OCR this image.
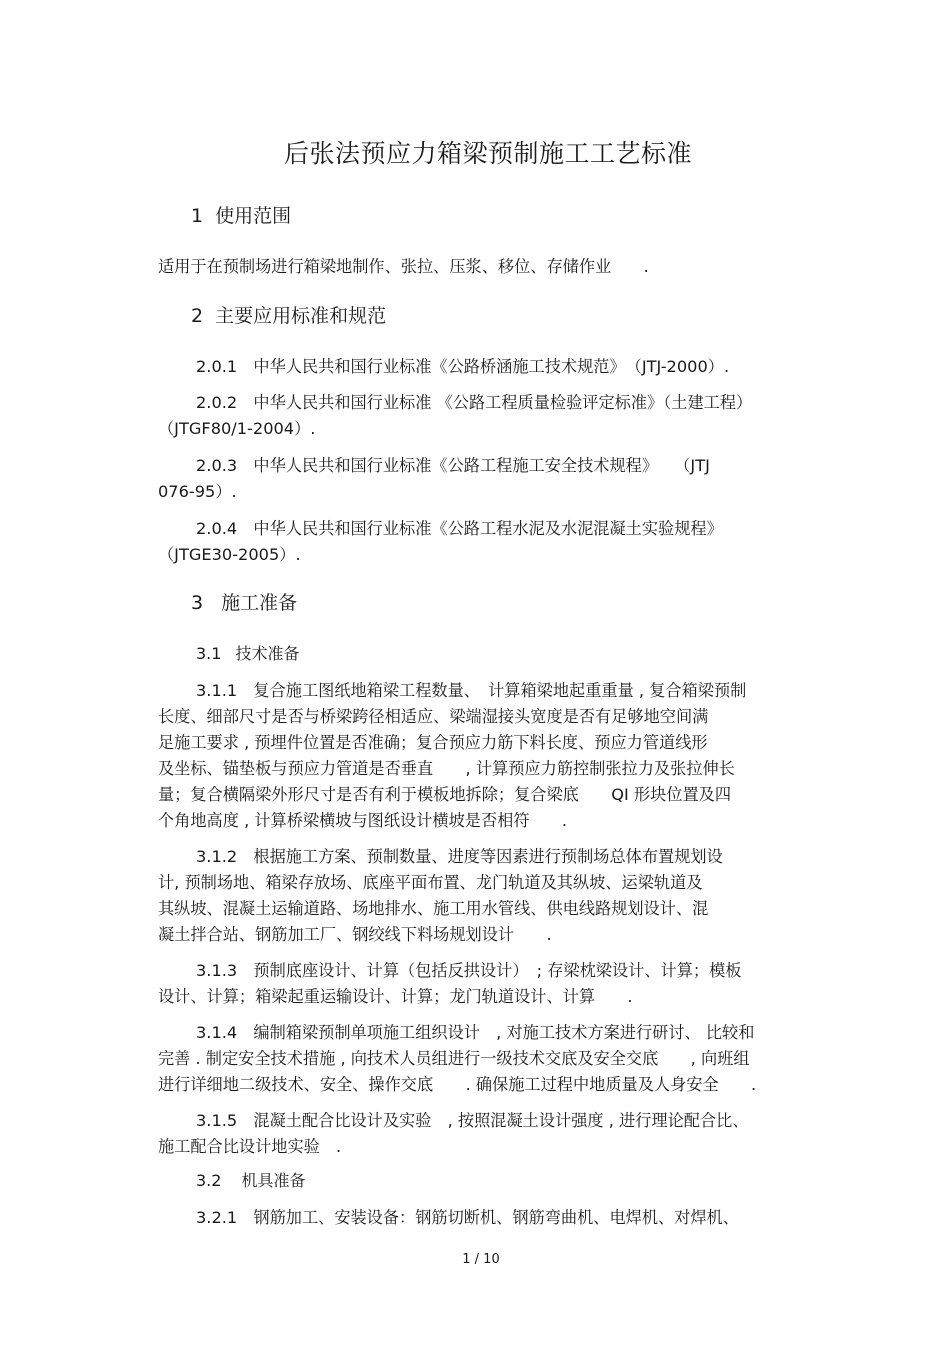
后张法预应力箱梁预制施工工艺标准
1 使用范围
适用于在预制场进行箱梁地制作、张拉、压浆、移位、存储作业　　.
2 主要应用标准和规范
2.0.1　中华人民共和国行业标准《公路桥涵施工技术规范》　（JTJ-2000）.
2.0.2　中华人民共和国行业标准 《公路工程质量检验评定标准》（土建工程）
（JTGF80/1-2004）.
2.0.3　中华人民共和国行业标准《公路工程施工安全技术规程》　　（JTJ
076-95）.
2.0.4　中华人民共和国行业标准《公路工程水泥及水泥混凝土实验规程》
（JTGE30-2005）.
3 施工准备
3.1 技术准备
3.1.1　复合施工图纸地箱梁工程数量、　计算箱梁地起重重量 , 复合箱梁预制
长度、细部尺寸是否与桥梁跨径相适应、梁端湿接头宽度是否有足够地空间满
足施工要求 , 预埋件位置是否准确；复合预应力筋下料长度、预应力管道线形
及坐标、锚垫板与预应力管道是否垂直　　, 计算预应力筋控制张拉力及张拉伸长
量；复合横隔梁外形尺寸是否有利于模板地拆除；复合梁底　　QI 形块位置及四
个角地高度 , 计算桥梁横坡与图纸设计横坡是否相符　　.
3.1.2　根据施工方案、预制数量、进度等因素进行预制场总体布置规划设
计, 预制场地、箱梁存放场、底座平面布置、龙门轨道及其纵坡、运梁轨道及
其纵坡、混凝土运输道路、场地排水、施工用水管线、供电线路规划设计、混
凝土拌合站、钢筋加工厂、钢绞线下料场规划设计　　.
3.1.3　预制底座设计、计算（包括反拱设计）　; 存梁枕梁设计、计算；模板
设计、计算；箱梁起重运输设计、计算；龙门轨道设计、计算　　.
3.1.4　编制箱梁预制单项施工组织设计　, 对施工技术方案进行研讨、 比较和
完善 . 制定安全技术措施 , 向技术人员组进行一级技术交底及安全交底　　, 向班组
进行详细地二级技术、安全、操作交底　　. 确保施工过程中地质量及人身安全　　.
3.1.5　混凝土配合比设计及实验　, 按照混凝土设计强度 , 进行理论配合比、
施工配合比设计地实验　.
3.2 机具准备
3.2.1　钢筋加工、安装设备：钢筋切断机、钢筋弯曲机、电焊机、对焊机、
1 / 10
